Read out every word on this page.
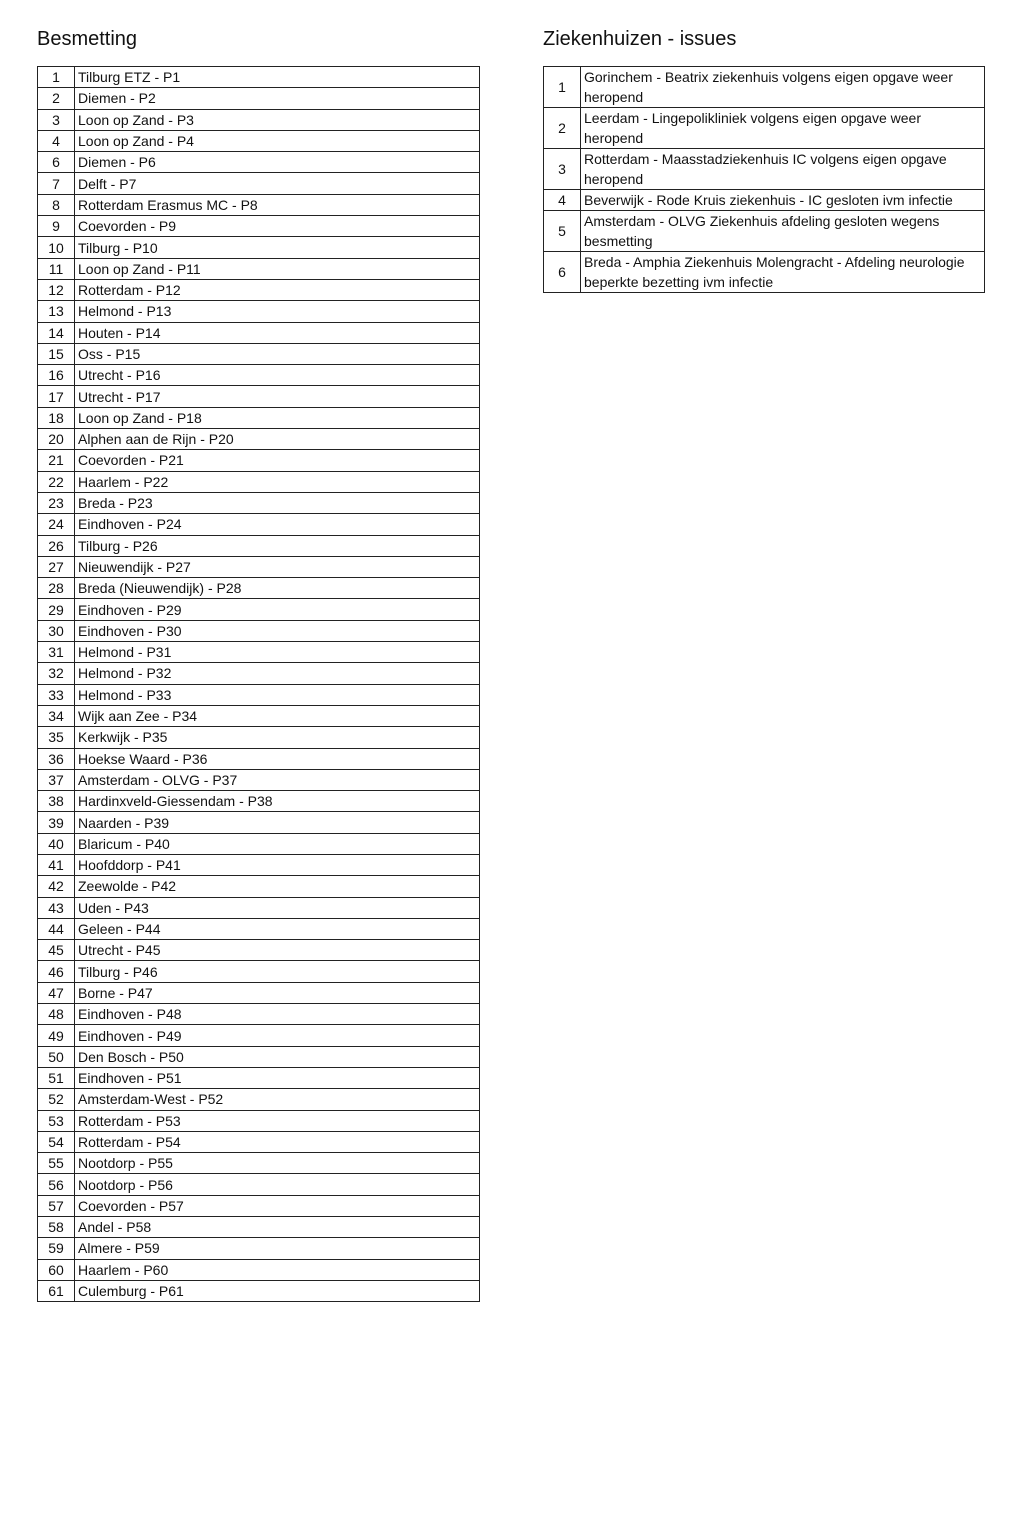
Besmetting	Ziekenhuizen - issues
1	Tilburg ETZ - P1
2	Diemen - P2
3	Loon op Zand - P3
4	Loon op Zand - P4
6	Diemen - P6
7	Delft - P7
8	Rotterdam Erasmus MC - P8
9	Coevorden - P9
10	Tilburg - P10
11	Loon op Zand - P11
12	Rotterdam - P12
13	Helmond - P13
14	Houten - P14
15	Oss - P15
16	Utrecht - P16
17	Utrecht - P17
18	Loon op Zand - P18
20	Alphen aan de Rijn - P20
21	Coevorden - P21
22	Haarlem - P22
23	Breda - P23
24	Eindhoven - P24
26	Tilburg - P26
27	Nieuwendijk - P27
28	Breda (Nieuwendijk) - P28
29	Eindhoven - P29
30	Eindhoven - P30
31	Helmond - P31
32	Helmond - P32
33	Helmond - P33
34	Wijk aan Zee - P34
35	Kerkwijk - P35
36	Hoekse Waard - P36
37	Amsterdam - OLVG - P37
38	Hardinxveld-Giessendam - P38
39	Naarden - P39
40	Blaricum - P40
41	Hoofddorp - P41
42	Zeewolde - P42
43	Uden - P43
44	Geleen - P44
45	Utrecht - P45
46	Tilburg - P46
47	Borne - P47
48	Eindhoven - P48
49	Eindhoven - P49
50	Den Bosch - P50
51	Eindhoven - P51
52	Amsterdam-West - P52
53	Rotterdam - P53
54	Rotterdam - P54
55	Nootdorp - P55
56	Nootdorp - P56
57	Coevorden - P57
58	Andel - P58
59	Almere - P59
60	Haarlem - P60
61	Culemburg - P61
1	Gorinchem - Beatrix ziekenhuis volgens eigen opgave weer heropend
2	Leerdam - Lingepolikliniek volgens eigen opgave weer heropend
3	Rotterdam - Maasstadziekenhuis IC volgens eigen opgave heropend
4	Beverwijk - Rode Kruis ziekenhuis - IC gesloten ivm infectie
5	Amsterdam - OLVG Ziekenhuis afdeling gesloten wegens besmetting
6	Breda - Amphia Ziekenhuis Molengracht - Afdeling neurologie beperkte bezetting ivm infectie
